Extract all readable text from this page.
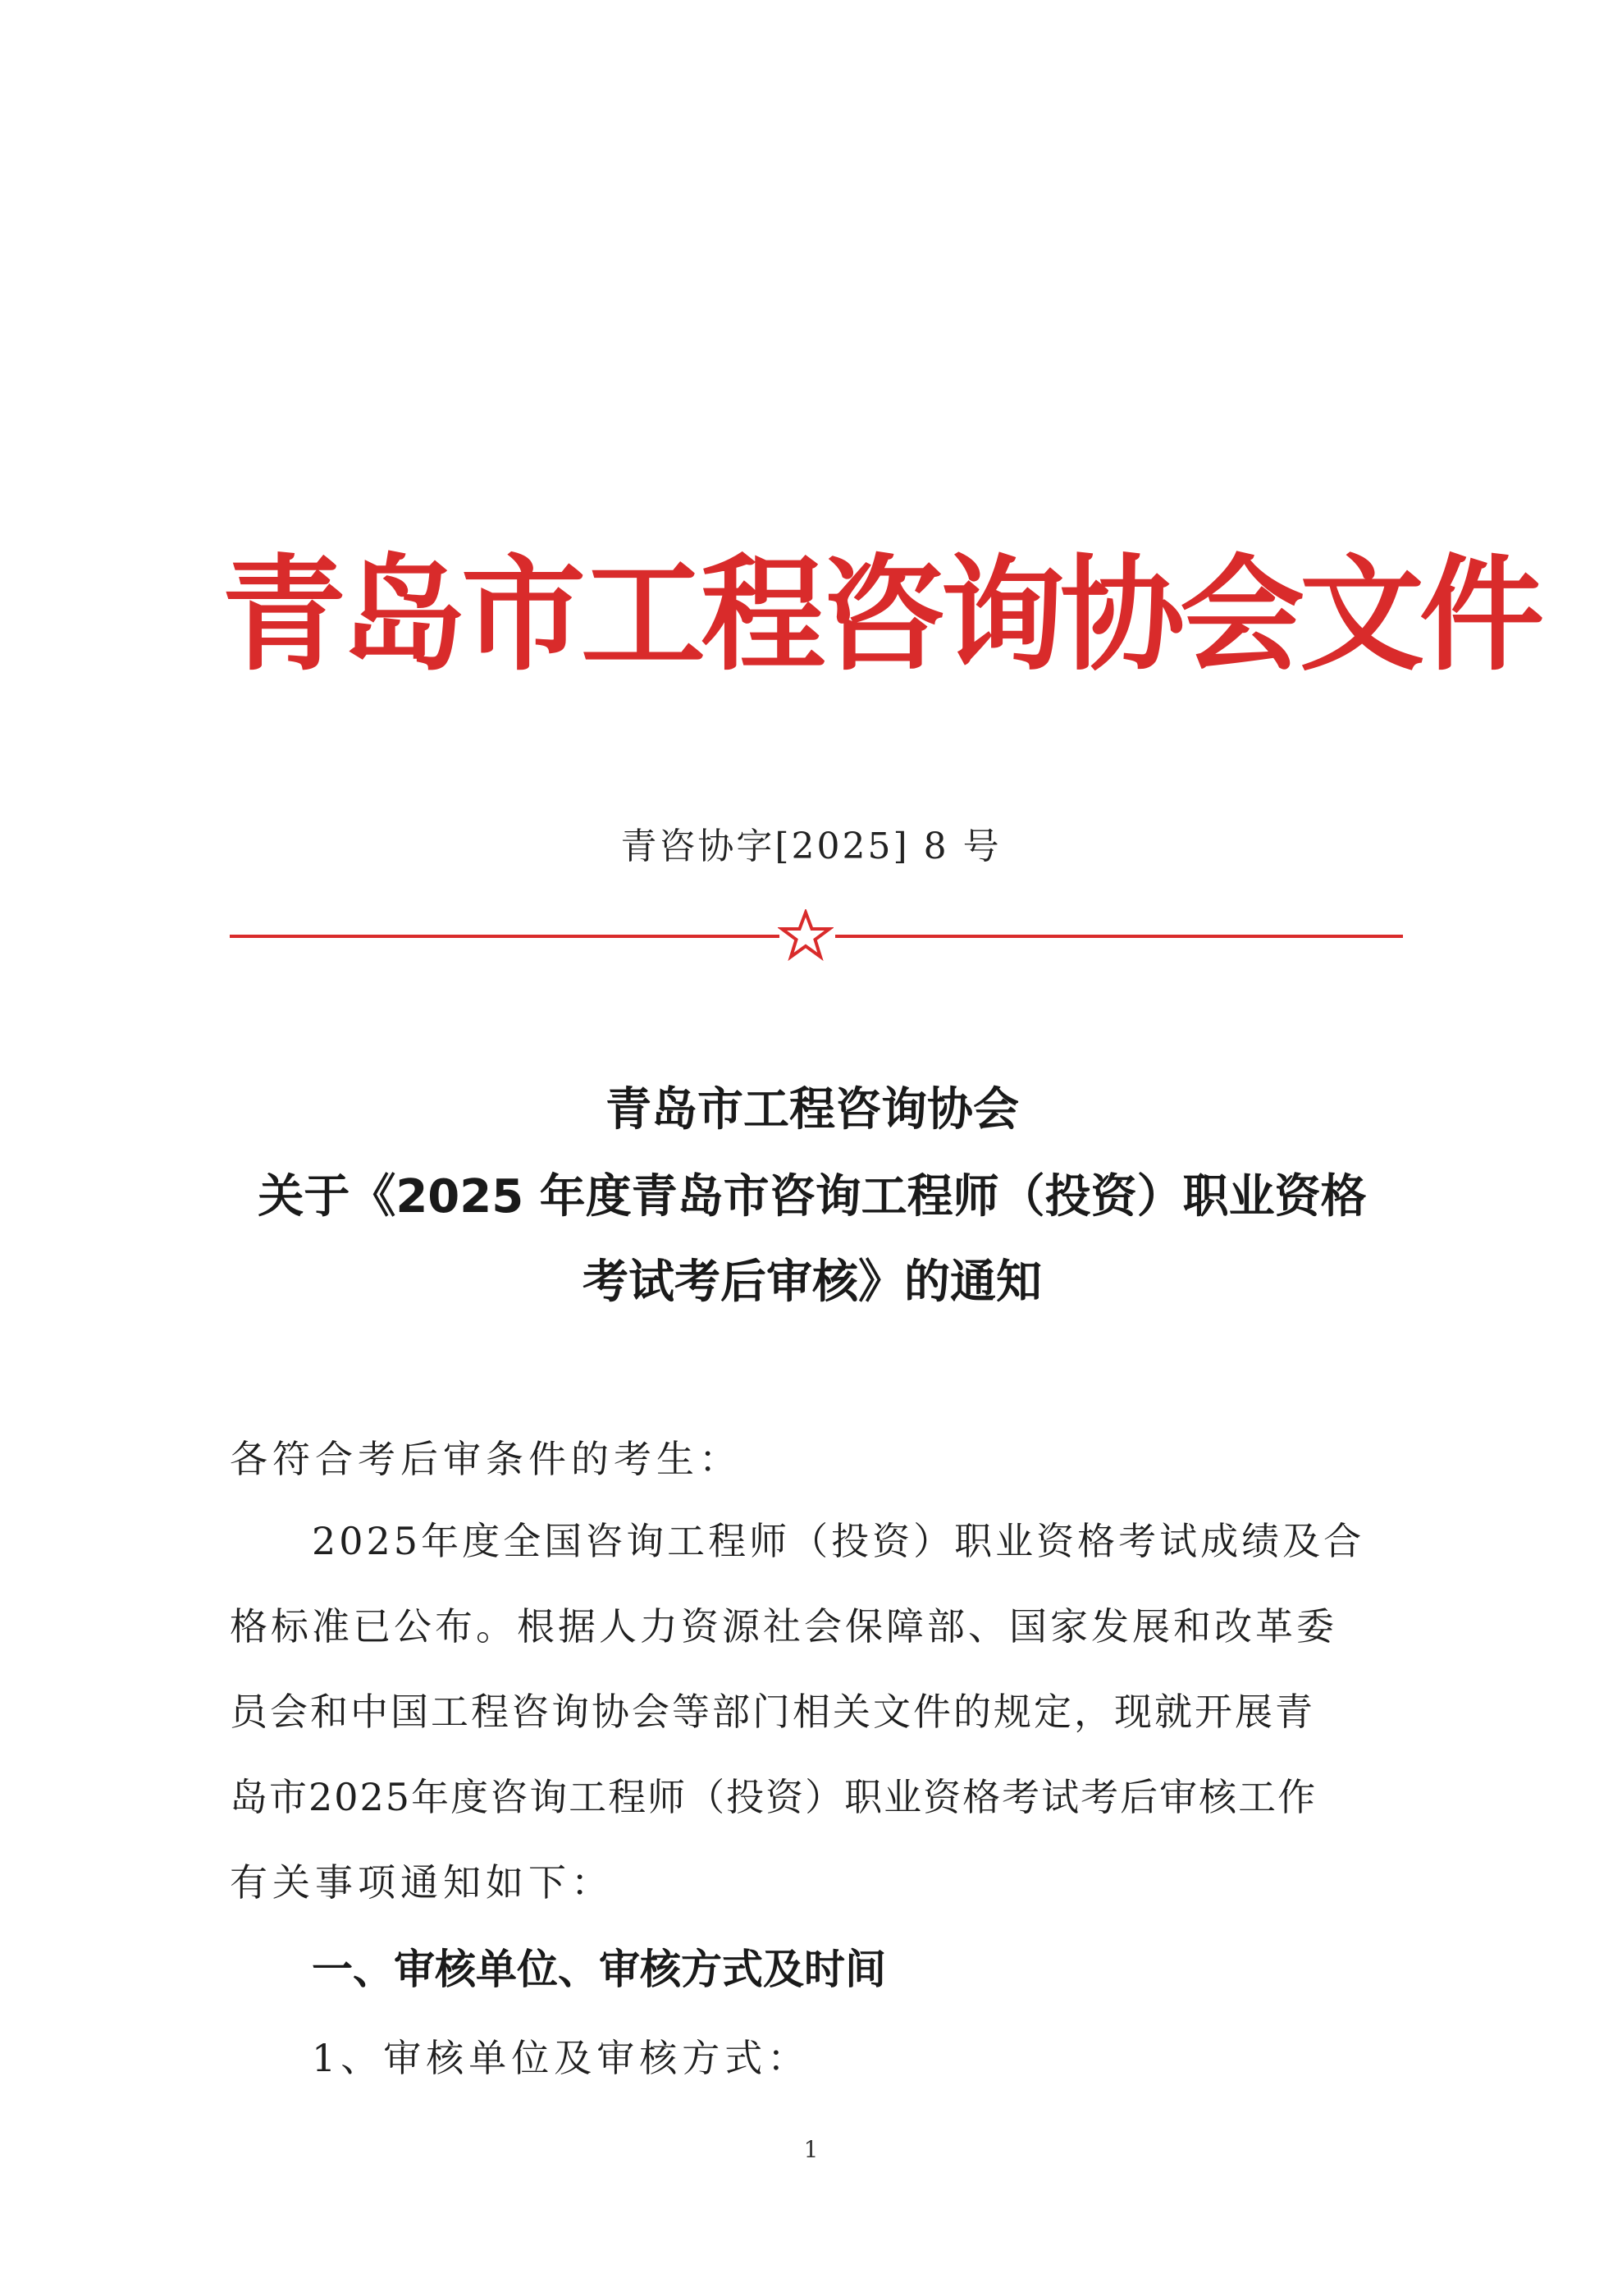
青岛市工程咨询协会文件
青咨协字[2025] 8 号
青岛市工程咨询协会
关于《2025 年度青岛市咨询工程师（投资）职业资格
考试考后审核》的通知
各符合考后审条件的考生：
2025年度全国咨询工程师（投资）职业资格考试成绩及合
格标准已公布。根据人力资源社会保障部、国家发展和改革委
员会和中国工程咨询协会等部门相关文件的规定，现就开展青
岛市2025年度咨询工程师（投资）职业资格考试考后审核工作
有关事项通知如下：
一、审核单位、审核方式及时间
1、审核单位及审核方式：
1
